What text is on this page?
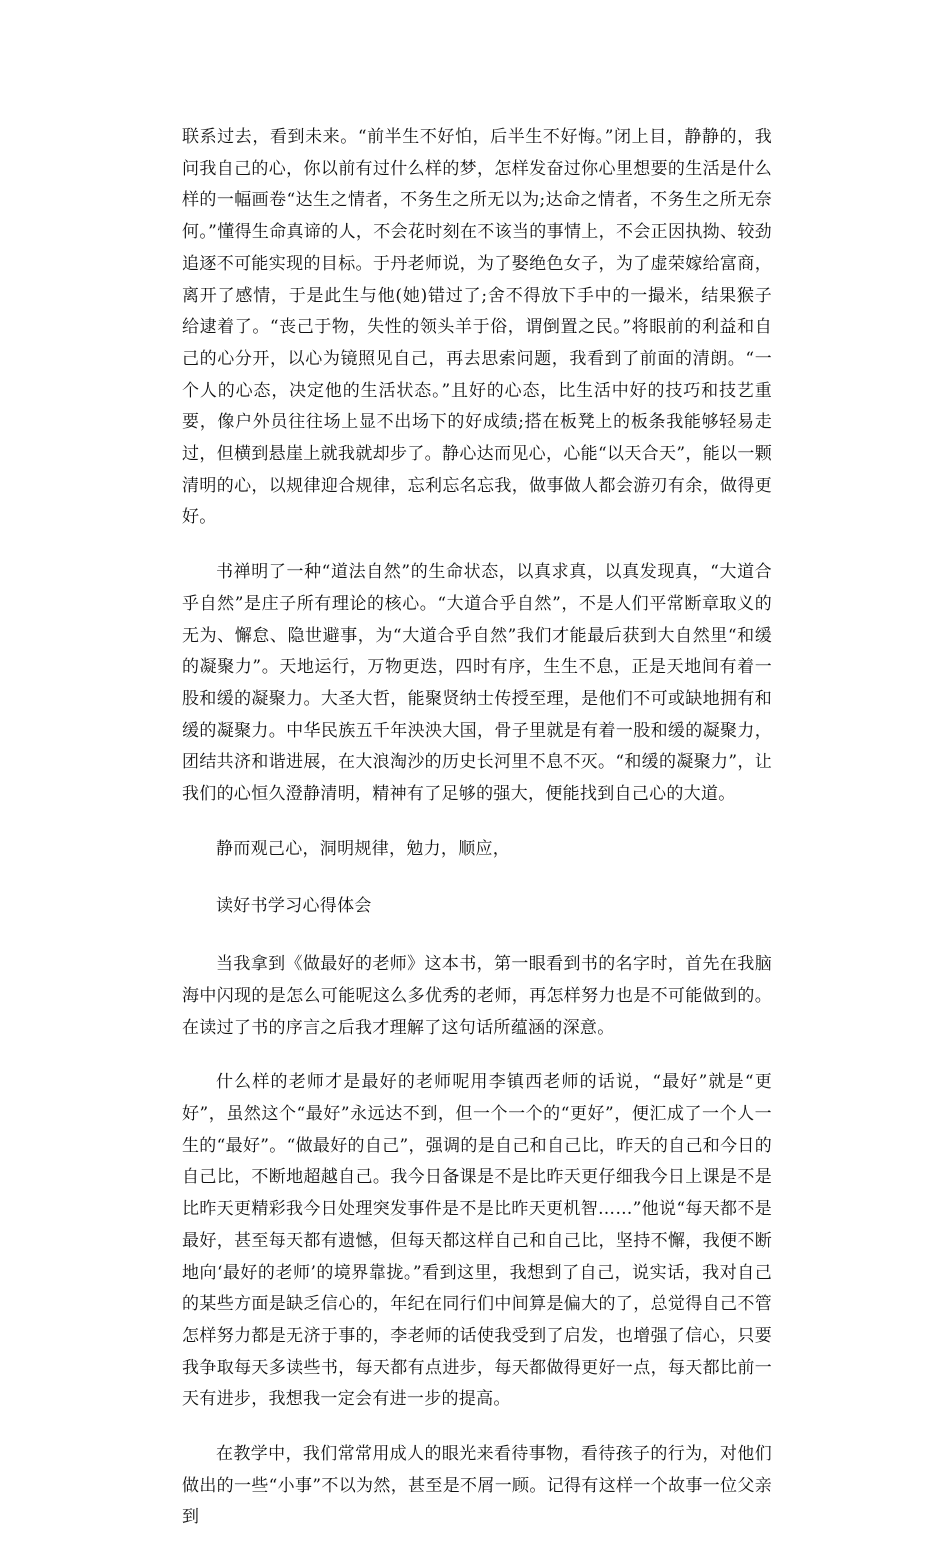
联系过去，看到未来。“前半生不好怕，后半生不好悔。”闭上目，静静的，我问我自己的心，你以前有过什么样的梦，怎样发奋过你心里想要的生活是什么样的一幅画卷“达生之情者，不务生之所无以为;达命之情者，不务生之所无奈何。”懂得生命真谛的人，不会花时刻在不该当的事情上，不会正因执拗、较劲追逐不可能实现的目标。于丹老师说，为了娶绝色女子，为了虚荣嫁给富商，离开了感情，于是此生与他(她)错过了;舍不得放下手中的一撮米，结果猴子给逮着了。“丧己于物，失性的领头羊于俗，谓倒置之民。”将眼前的利益和自己的心分开，以心为镜照见自己，再去思索问题，我看到了前面的清朗。“一个人的心态，决定他的生活状态。”且好的心态，比生活中好的技巧和技艺重要，像户外员往往场上显不出场下的好成绩;搭在板凳上的板条我能够轻易走过，但横到悬崖上就我就却步了。静心达而见心，心能“以天合天”，能以一颗清明的心，以规律迎合规律，忘利忘名忘我，做事做人都会游刃有余，做得更好。

书禅明了一种“道法自然”的生命状态，以真求真，以真发现真，“大道合乎自然”是庄子所有理论的核心。“大道合乎自然”，不是人们平常断章取义的无为、懈怠、隐世避事，为“大道合乎自然”我们才能最后获到大自然里“和缓的凝聚力”。天地运行，万物更迭，四时有序，生生不息，正是天地间有着一股和缓的凝聚力。大圣大哲，能聚贤纳士传授至理，是他们不可或缺地拥有和缓的凝聚力。中华民族五千年泱泱大国，骨子里就是有着一股和缓的凝聚力，团结共济和谐进展，在大浪淘沙的历史长河里不息不灭。“和缓的凝聚力”，让我们的心恒久澄静清明，精神有了足够的强大，便能找到自己心的大道。

静而观己心，洞明规律，勉力，顺应，

读好书学习心得体会

当我拿到《做最好的老师》这本书，第一眼看到书的名字时，首先在我脑海中闪现的是怎么可能呢这么多优秀的老师，再怎样努力也是不可能做到的。在读过了书的序言之后我才理解了这句话所蕴涵的深意。

什么样的老师才是最好的老师呢用李镇西老师的话说，“最好”就是“更好”，虽然这个“最好”永远达不到，但一个一个的“更好”，便汇成了一个人一生的“最好”。“做最好的自己”，强调的是自己和自己比，昨天的自己和今日的自己比，不断地超越自己。我今日备课是不是比昨天更仔细我今日上课是不是比昨天更精彩我今日处理突发事件是不是比昨天更机智……”他说“每天都不是最好，甚至每天都有遗憾，但每天都这样自己和自己比，坚持不懈，我便不断地向‘最好的老师’的境界靠拢。”看到这里，我想到了自己，说实话，我对自己的某些方面是缺乏信心的，年纪在同行们中间算是偏大的了，总觉得自己不管怎样努力都是无济于事的，李老师的话使我受到了启发，也增强了信心，只要我争取每天多读些书，每天都有点进步，每天都做得更好一点，每天都比前一天有进步，我想我一定会有进一步的提高。

在教学中，我们常常用成人的眼光来看待事物，看待孩子的行为，对他们做出的一些“小事”不以为然，甚至是不屑一顾。记得有这样一个故事一位父亲到
